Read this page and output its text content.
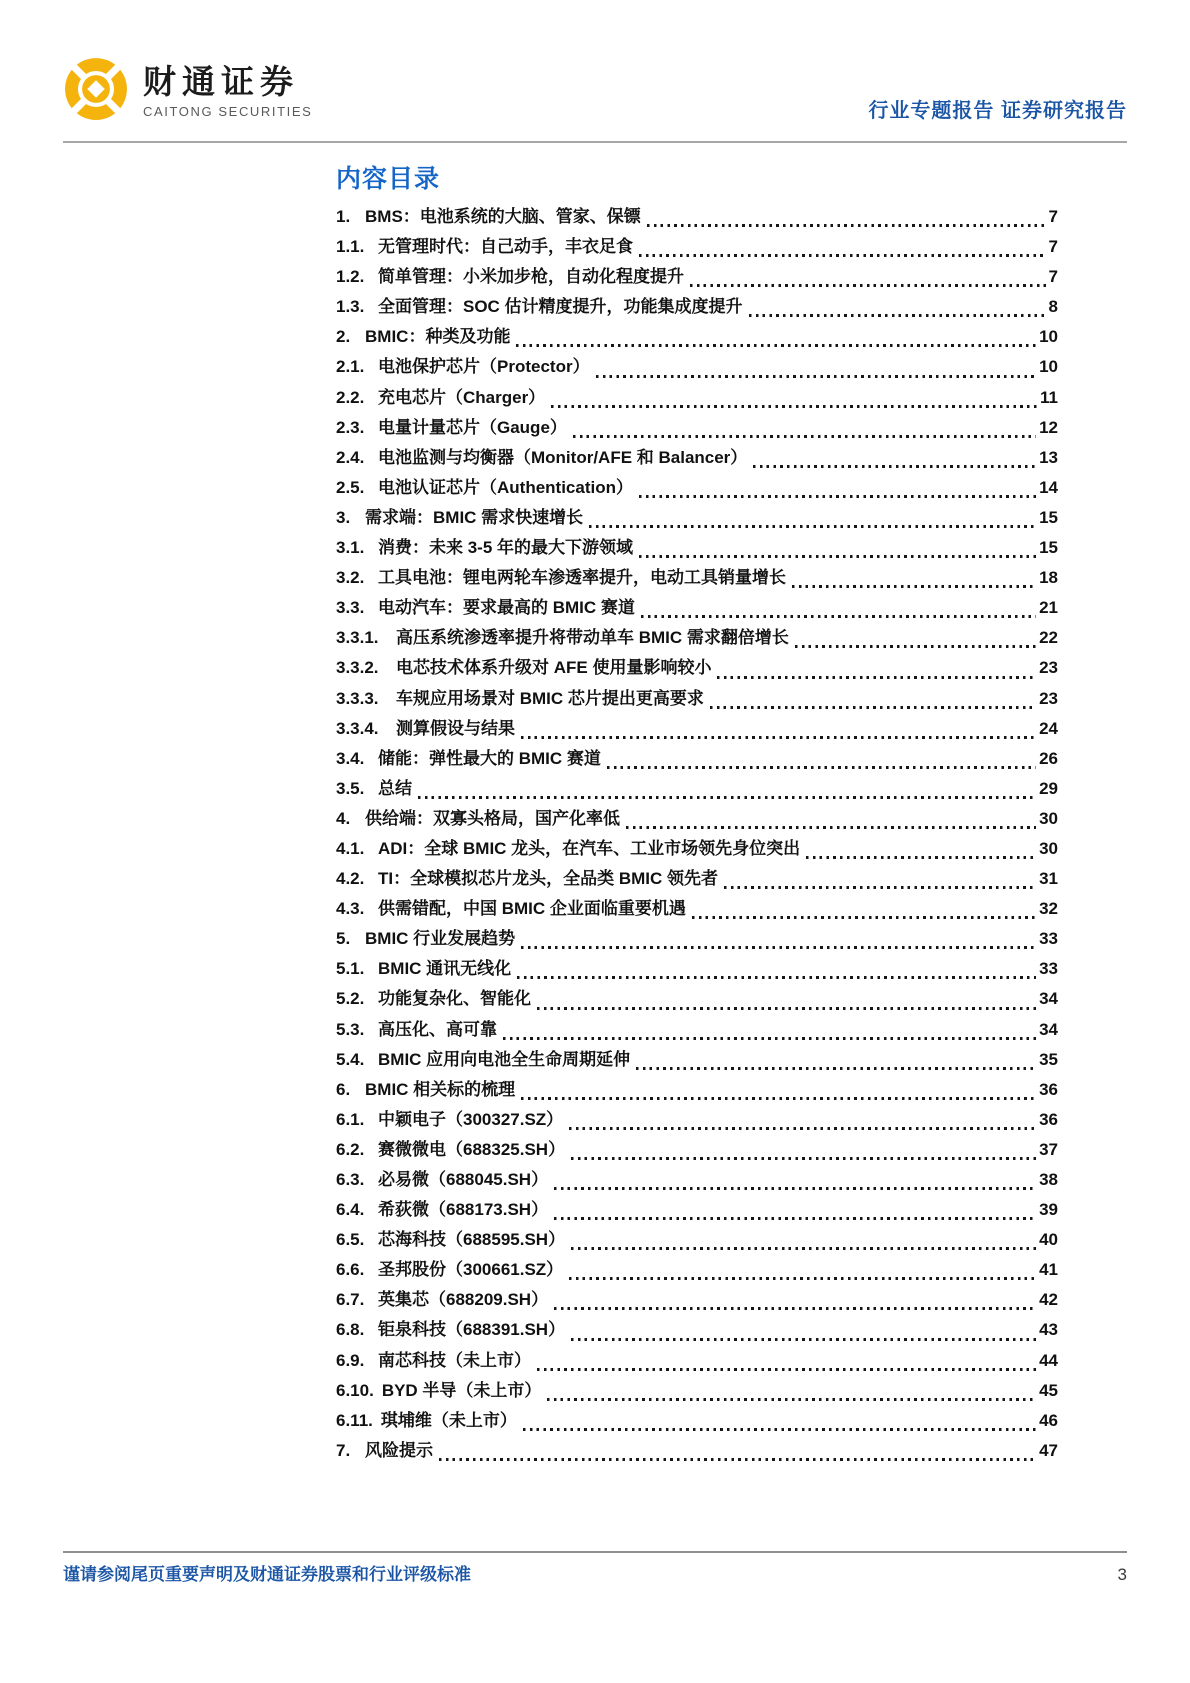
财通证券
CAITONG SECURITIES	行业专题报告 证券研究报告
内容目录
1. BMS：电池系统的大脑、管家、保镖	7
1.1. 无管理时代：自己动手，丰衣足食	7
1.2. 简单管理：小米加步枪，自动化程度提升	7
1.3. 全面管理：SOC 估计精度提升，功能集成度提升	8
2. BMIC：种类及功能	10
2.1. 电池保护芯片（Protector）	10
2.2. 充电芯片（Charger）	11
2.3. 电量计量芯片（Gauge）	12
2.4. 电池监测与均衡器（Monitor/AFE 和 Balancer）	13
2.5. 电池认证芯片（Authentication）	14
3. 需求端：BMIC 需求快速增长	15
3.1. 消费：未来 3-5 年的最大下游领域	15
3.2. 工具电池：锂电两轮车渗透率提升，电动工具销量增长	18
3.3. 电动汽车：要求最高的 BMIC 赛道	21
3.3.1.	高压系统渗透率提升将带动单车 BMIC 需求翻倍增长	22
3.3.2.	电芯技术体系升级对 AFE 使用量影响较小	23
3.3.3.	车规应用场景对 BMIC 芯片提出更高要求	23
3.3.4.	测算假设与结果	24
3.4. 储能：弹性最大的 BMIC 赛道	26
3.5. 总结	29
4. 供给端：双寡头格局，国产化率低	30
4.1. ADI：全球 BMIC 龙头，在汽车、工业市场领先身位突出	30
4.2. TI：全球模拟芯片龙头，全品类 BMIC 领先者	31
4.3. 供需错配，中国 BMIC 企业面临重要机遇	32
5. BMIC 行业发展趋势	33
5.1. BMIC 通讯无线化	33
5.2. 功能复杂化、智能化	34
5.3. 高压化、高可靠	34
5.4. BMIC 应用向电池全生命周期延伸	35
6. BMIC 相关标的梳理	36
6.1. 中颖电子（300327.SZ）	36
6.2. 赛微微电（688325.SH）	37
6.3. 必易微（688045.SH）	38
6.4. 希荻微（688173.SH）	39
6.5. 芯海科技（688595.SH）	40
6.6. 圣邦股份（300661.SZ）	41
6.7. 英集芯（688209.SH）	42
6.8. 钜泉科技（688391.SH）	43
6.9. 南芯科技（未上市）	44
6.10. BYD 半导（未上市）	45
6.11. 琪埔维（未上市）	46
7. 风险提示	47
谨请参阅尾页重要声明及财通证券股票和行业评级标准	3
